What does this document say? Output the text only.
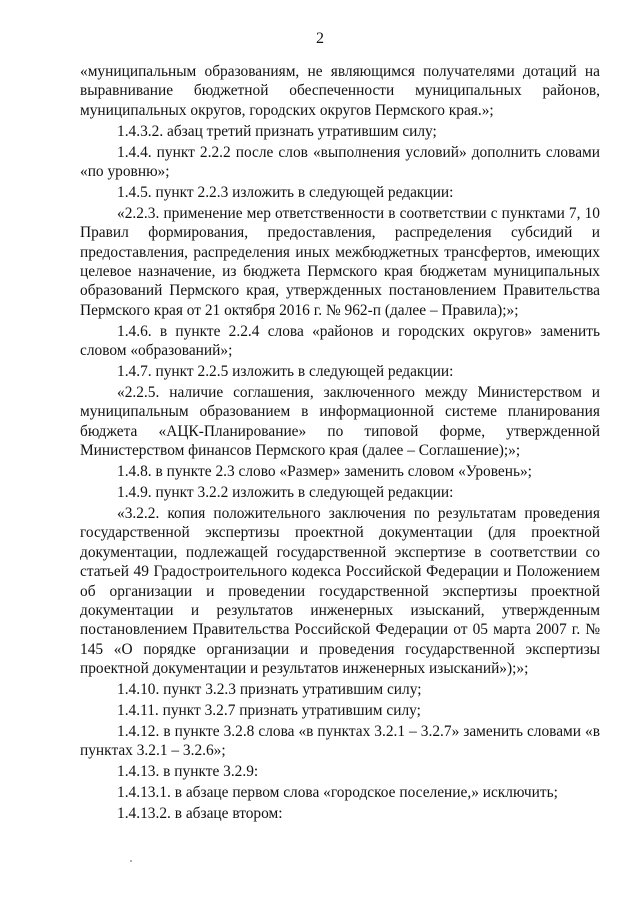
2

«муниципальным образованиям, не являющимся получателями дотаций на выравнивание бюджетной обеспеченности муниципальных районов, муниципальных округов, городских округов Пермского края.»;

1.4.3.2. абзац третий признать утратившим силу;

1.4.4. пункт 2.2.2 после слов «выполнения условий» дополнить словами «по уровню»;

1.4.5. пункт 2.2.3 изложить в следующей редакции:

«2.2.3. применение мер ответственности в соответствии с пунктами 7, 10 Правил формирования, предоставления, распределения субсидий и предоставления, распределения иных межбюджетных трансфертов, имеющих целевое назначение, из бюджета Пермского края бюджетам муниципальных образований Пермского края, утвержденных постановлением Правительства Пермского края от 21 октября 2016 г. № 962-п (далее – Правила);»;

1.4.6. в пункте 2.2.4 слова «районов и городских округов» заменить словом «образований»;

1.4.7. пункт 2.2.5 изложить в следующей редакции:

«2.2.5. наличие соглашения, заключенного между Министерством и муниципальным образованием в информационной системе планирования бюджета «АЦК-Планирование» по типовой форме, утвержденной Министерством финансов Пермского края (далее – Соглашение);»;

1.4.8. в пункте 2.3 слово «Размер» заменить словом «Уровень»;

1.4.9. пункт 3.2.2 изложить в следующей редакции:

«3.2.2. копия положительного заключения по результатам проведения государственной экспертизы проектной документации (для проектной документации, подлежащей государственной экспертизе в соответствии со статьей 49 Градостроительного кодекса Российской Федерации и Положением об организации и проведении государственной экспертизы проектной документации и результатов инженерных изысканий, утвержденным постановлением Правительства Российской Федерации от 05 марта 2007 г. № 145 «О порядке организации и проведения государственной экспертизы проектной документации и результатов инженерных изысканий»);»;

1.4.10. пункт 3.2.3 признать утратившим силу;

1.4.11. пункт 3.2.7 признать утратившим силу;

1.4.12. в пункте 3.2.8 слова «в пунктах 3.2.1 – 3.2.7» заменить словами «в пунктах 3.2.1 – 3.2.6»;

1.4.13. в пункте 3.2.9:

1.4.13.1. в абзаце первом слова «городское поселение,» исключить;

1.4.13.2. в абзаце втором:
